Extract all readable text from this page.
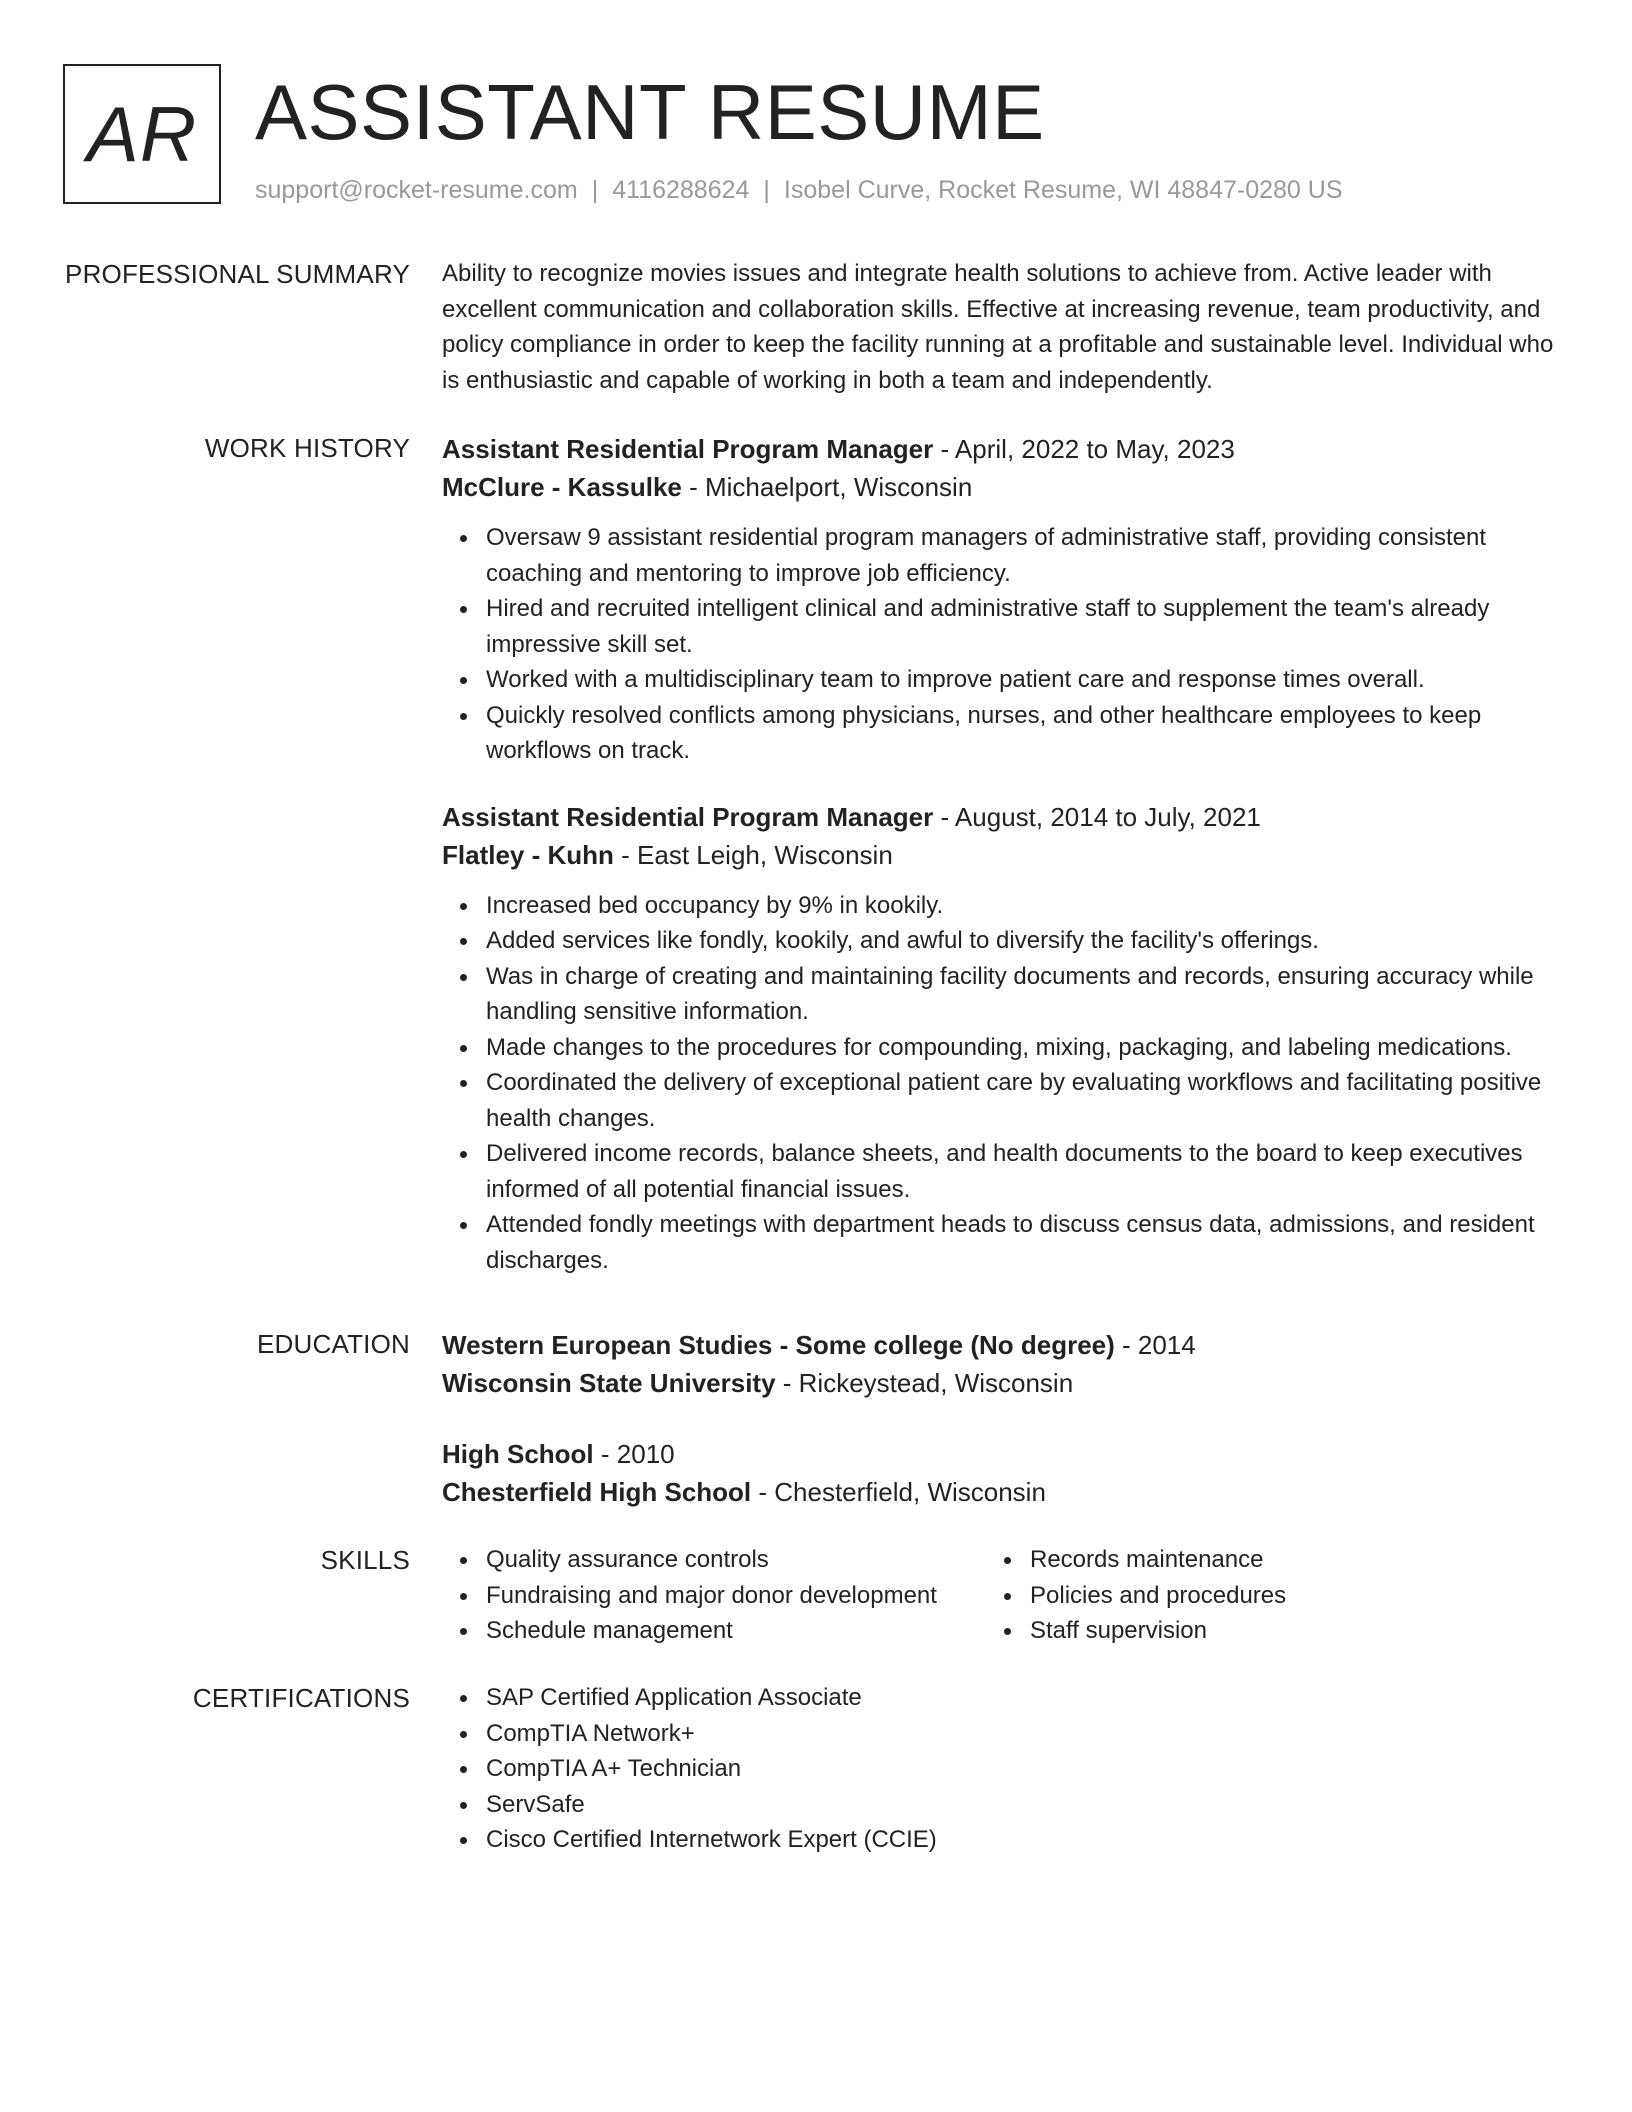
AR ASSISTANT RESUME
support@rocket-resume.com | 4116288624 | Isobel Curve, Rocket Resume, WI 48847-0280 US
PROFESSIONAL SUMMARY Ability to recognize movies issues and integrate health solutions to achieve from. Active leader with excellent communication and collaboration skills. Effective at increasing revenue, team productivity, and policy compliance in order to keep the facility running at a profitable and sustainable level. Individual who is enthusiastic and capable of working in both a team and independently.

WORK HISTORY Assistant Residential Program Manager - April, 2022 to May, 2023
McClure - Kassulke - Michaelport, Wisconsin
Oversaw 9 assistant residential program managers of administrative staff, providing consistent coaching and mentoring to improve job efficiency.
Hired and recruited intelligent clinical and administrative staff to supplement the team's already impressive skill set.
Worked with a multidisciplinary team to improve patient care and response times overall.
Quickly resolved conflicts among physicians, nurses, and other healthcare employees to keep workflows on track.
Assistant Residential Program Manager - August, 2014 to July, 2021
Flatley - Kuhn - East Leigh, Wisconsin
Increased bed occupancy by 9% in kookily.
Added services like fondly, kookily, and awful to diversify the facility's offerings.
Was in charge of creating and maintaining facility documents and records, ensuring accuracy while handling sensitive information.
Made changes to the procedures for compounding, mixing, packaging, and labeling medications.
Coordinated the delivery of exceptional patient care by evaluating workflows and facilitating positive health changes.
Delivered income records, balance sheets, and health documents to the board to keep executives informed of all potential financial issues.
Attended fondly meetings with department heads to discuss census data, admissions, and resident discharges.
EDUCATION Western European Studies - Some college (No degree) - 2014
Wisconsin State University - Rickeystead, Wisconsin
High School - 2010
Chesterfield High School - Chesterfield, Wisconsin
SKILLS	Quality assurance controls
Fundraising and major donor development
Schedule management
Records maintenance
Policies and procedures
Staff supervision
CERTIFICATIONS	SAP Certified Application Associate
CompTIA Network+
CompTIA A+ Technician
ServSafe
Cisco Certified Internetwork Expert (CCIE)
